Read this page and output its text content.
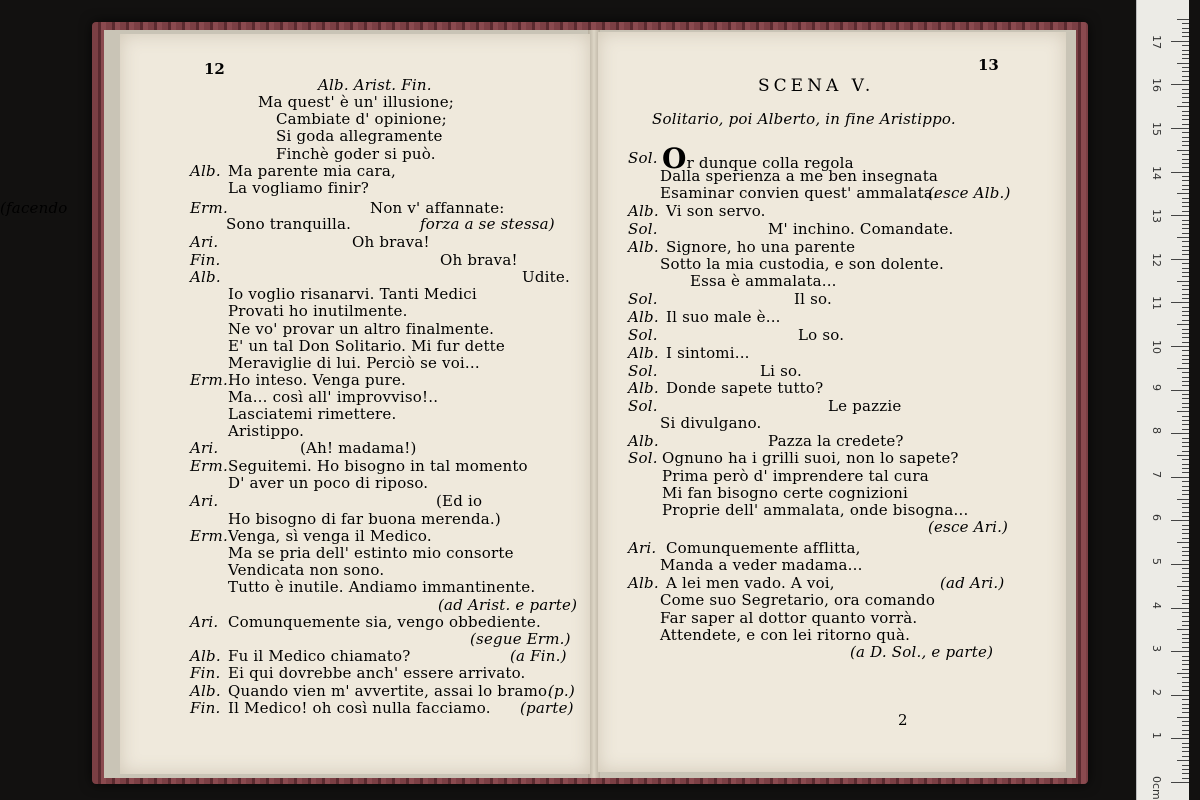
12	13
SCENA V.
Solitario, poi Alberto, in fine Aristippo.
2
Alb. Arist. Fin.
Ma quest' è un' illusione;
Cambiate d' opinione;
Si goda allegramente
Finchè goder si può.
Alb. Ma parente mia cara,
La vogliamo finir?
Erm.	Non v' affannate:
(facendo
Sono tranquilla.	forza a se stessa)
Ari.	Oh brava!
Fin.	Oh brava!
Alb.	Udite.
Io voglio risanarvi. Tanti Medici
Provati ho inutilmente.
Ne vo' provar un altro finalmente.
E' un tal Don Solitario. Mi fur dette
Meraviglie di lui. Perciò se voi...
Erm. Ho inteso. Venga pure.
Ma... così all' improvviso!..
Lasciatemi rimettere.
Aristippo.
Ari.	(Ah! madama!)
Erm. Seguitemi. Ho bisogno in tal momento
D' aver un poco di riposo.
Ari.	(Ed io
Ho bisogno di far buona merenda.)
Erm. Venga, sì venga il Medico.
Ma se pria dell' estinto mio consorte
Vendicata non sono.
Tutto è inutile. Andiamo immantinente.
(ad Arist. e parte)
Ari. Comunquemente sia, vengo obbediente.
(segue Erm.)
Alb. Fu il Medico chiamato?	(a Fin.)
Fin. Ei qui dovrebbe anch' essere arrivato.
Alb. Quando vien m' avvertite, assai lo bramo.
(p.)
Fin. Il Medico! oh così nulla facciamo. (parte)
Sol. Or dunque colla regola
Dalla sperienza a me ben insegnata
Esaminar convien quest' ammalata.
(esce Alb.)
Alb. Vi son servo.
Sol.	M' inchino. Comandate.
Alb. Signore, ho una parente
Sotto la mia custodia, e son dolente.
Essa è ammalata...
Sol.	Il so.
Alb. Il suo male è...
Sol.	Lo so.
Alb. I sintomi...
Sol.	Li so.
Alb. Donde sapete tutto?
Sol.	Le pazzie
Si divulgano.
Alb.	Pazza la credete?
Sol. Ognuno ha i grilli suoi, non lo sapete?
Prima però d' imprendere tal cura
Mi fan bisogno certe cognizioni
Proprie dell' ammalata, onde bisogna...
(esce Ari.)
Ari. Comunquemente afflitta,
Manda a veder madama...
Alb. A lei men vado. A voi,	(ad Ari.)
Come suo Segretario, ora comando
Far saper al dottor quanto vorrà.
Attendete, e con lei ritorno quà.
(a D. Sol., e parte)
0cm
1
2
3
4
5
6
7
8
9
10
11
12
13
14
15
16
17
